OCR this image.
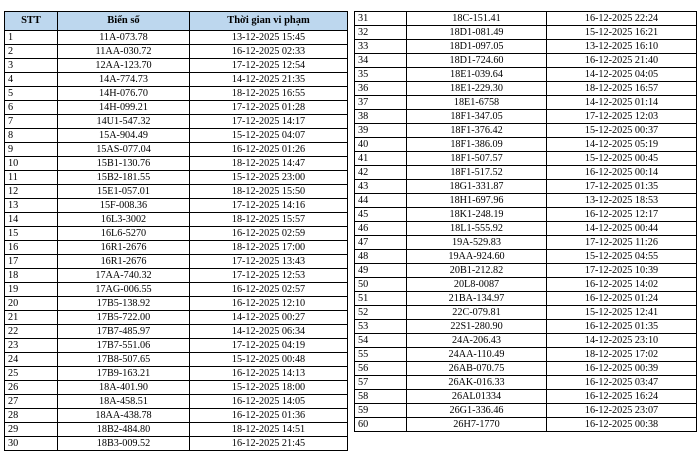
STT	Biển số	Thời gian vi phạm
1	11A-073.78	13-12-2025 15:45
2	11AA-030.72	16-12-2025 02:33
3	12AA-123.70	17-12-2025 12:54
4	14A-774.73	14-12-2025 21:35
5	14H-076.70	18-12-2025 16:55
6	14H-099.21	17-12-2025 01:28
7	14U1-547.32	17-12-2025 14:17
8	15A-904.49	15-12-2025 04:07
9	15AS-077.04	16-12-2025 01:26
10	15B1-130.76	18-12-2025 14:47
11	15B2-181.55	15-12-2025 23:00
12	15E1-057.01	18-12-2025 15:50
13	15F-008.36	17-12-2025 14:16
14	16L3-3002	18-12-2025 15:57
15	16L6-5270	16-12-2025 02:59
16	16R1-2676	18-12-2025 17:00
17	16R1-2676	17-12-2025 13:43
18	17AA-740.32	17-12-2025 12:53
19	17AG-006.55	16-12-2025 02:57
20	17B5-138.92	16-12-2025 12:10
21	17B5-722.00	14-12-2025 00:27
22	17B7-485.97	14-12-2025 06:34
23	17B7-551.06	17-12-2025 04:19
24	17B8-507.65	15-12-2025 00:48
25	17B9-163.21	16-12-2025 14:13
26	18A-401.90	15-12-2025 18:00
27	18A-458.51	16-12-2025 14:05
28	18AA-438.78	16-12-2025 01:36
29	18B2-484.80	18-12-2025 14:51
30	18B3-009.52	16-12-2025 21:45
31	18C-151.41	16-12-2025 22:24
32	18D1-081.49	15-12-2025 16:21
33	18D1-097.05	13-12-2025 16:10
34	18D1-724.60	16-12-2025 21:40
35	18E1-039.64	14-12-2025 04:05
36	18E1-229.30	18-12-2025 16:57
37	18E1-6758	14-12-2025 01:14
38	18F1-347.05	17-12-2025 12:03
39	18F1-376.42	15-12-2025 00:37
40	18F1-386.09	14-12-2025 05:19
41	18F1-507.57	15-12-2025 00:45
42	18F1-517.52	16-12-2025 00:14
43	18G1-331.87	17-12-2025 01:35
44	18H1-697.96	13-12-2025 18:53
45	18K1-248.19	16-12-2025 12:17
46	18L1-555.92	14-12-2025 00:44
47	19A-529.83	17-12-2025 11:26
48	19AA-924.60	15-12-2025 04:55
49	20B1-212.82	17-12-2025 10:39
50	20L8-0087	16-12-2025 14:02
51	21BA-134.97	16-12-2025 01:24
52	22C-079.81	15-12-2025 12:41
53	22S1-280.90	16-12-2025 01:35
54	24A-206.43	14-12-2025 23:10
55	24AA-110.49	18-12-2025 17:02
56	26AB-070.75	16-12-2025 00:39
57	26AK-016.33	16-12-2025 03:47
58	26AL01334	16-12-2025 16:24
59	26G1-336.46	16-12-2025 23:07
60	26H7-1770	16-12-2025 00:38
